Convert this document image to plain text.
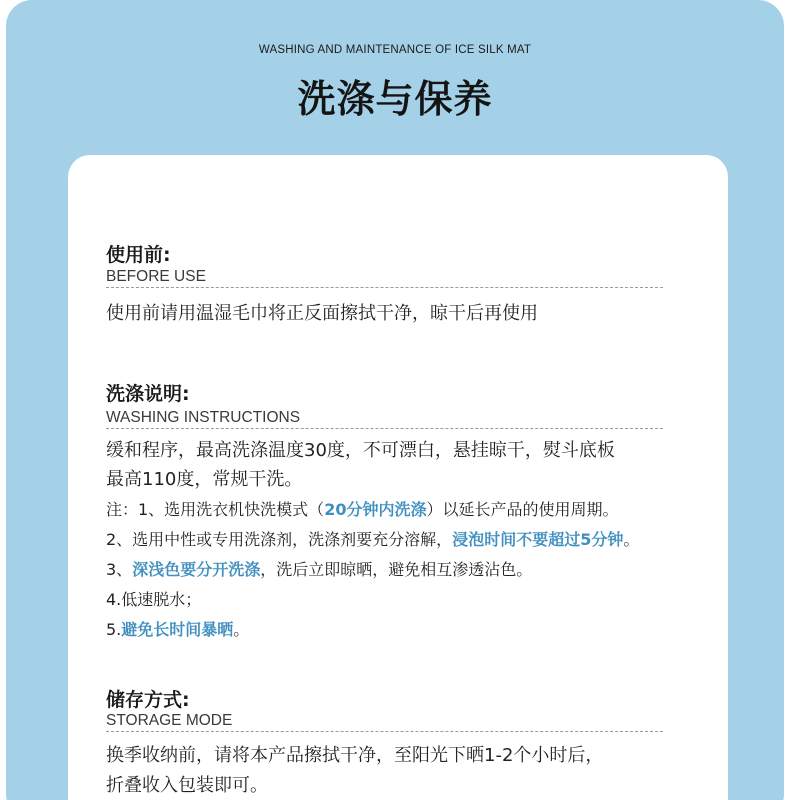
WASHING AND MAINTENANCE OF ICE SILK MAT
洗涤与保养
使用前:
BEFORE USE
使用前请用温湿毛巾将正反面擦拭干净，晾干后再使用
洗涤说明:
WASHING INSTRUCTIONS
缓和程序，最高洗涤温度30度，不可漂白，悬挂晾干，熨斗底板
最高110度，常规干洗。
注：1、选用洗衣机快洗模式（20分钟内洗涤）以延长产品的使用周期。
2、选用中性或专用洗涤剂，洗涤剂要充分溶解，浸泡时间不要超过5分钟。
3、深浅色要分开洗涤，洗后立即晾晒，避免相互渗透沾色。
4.低速脱水；
5.避免长时间暴晒。
储存方式:
STORAGE MODE
换季收纳前，请将本产品擦拭干净，至阳光下晒1-2个小时后，
折叠收入包装即可。
